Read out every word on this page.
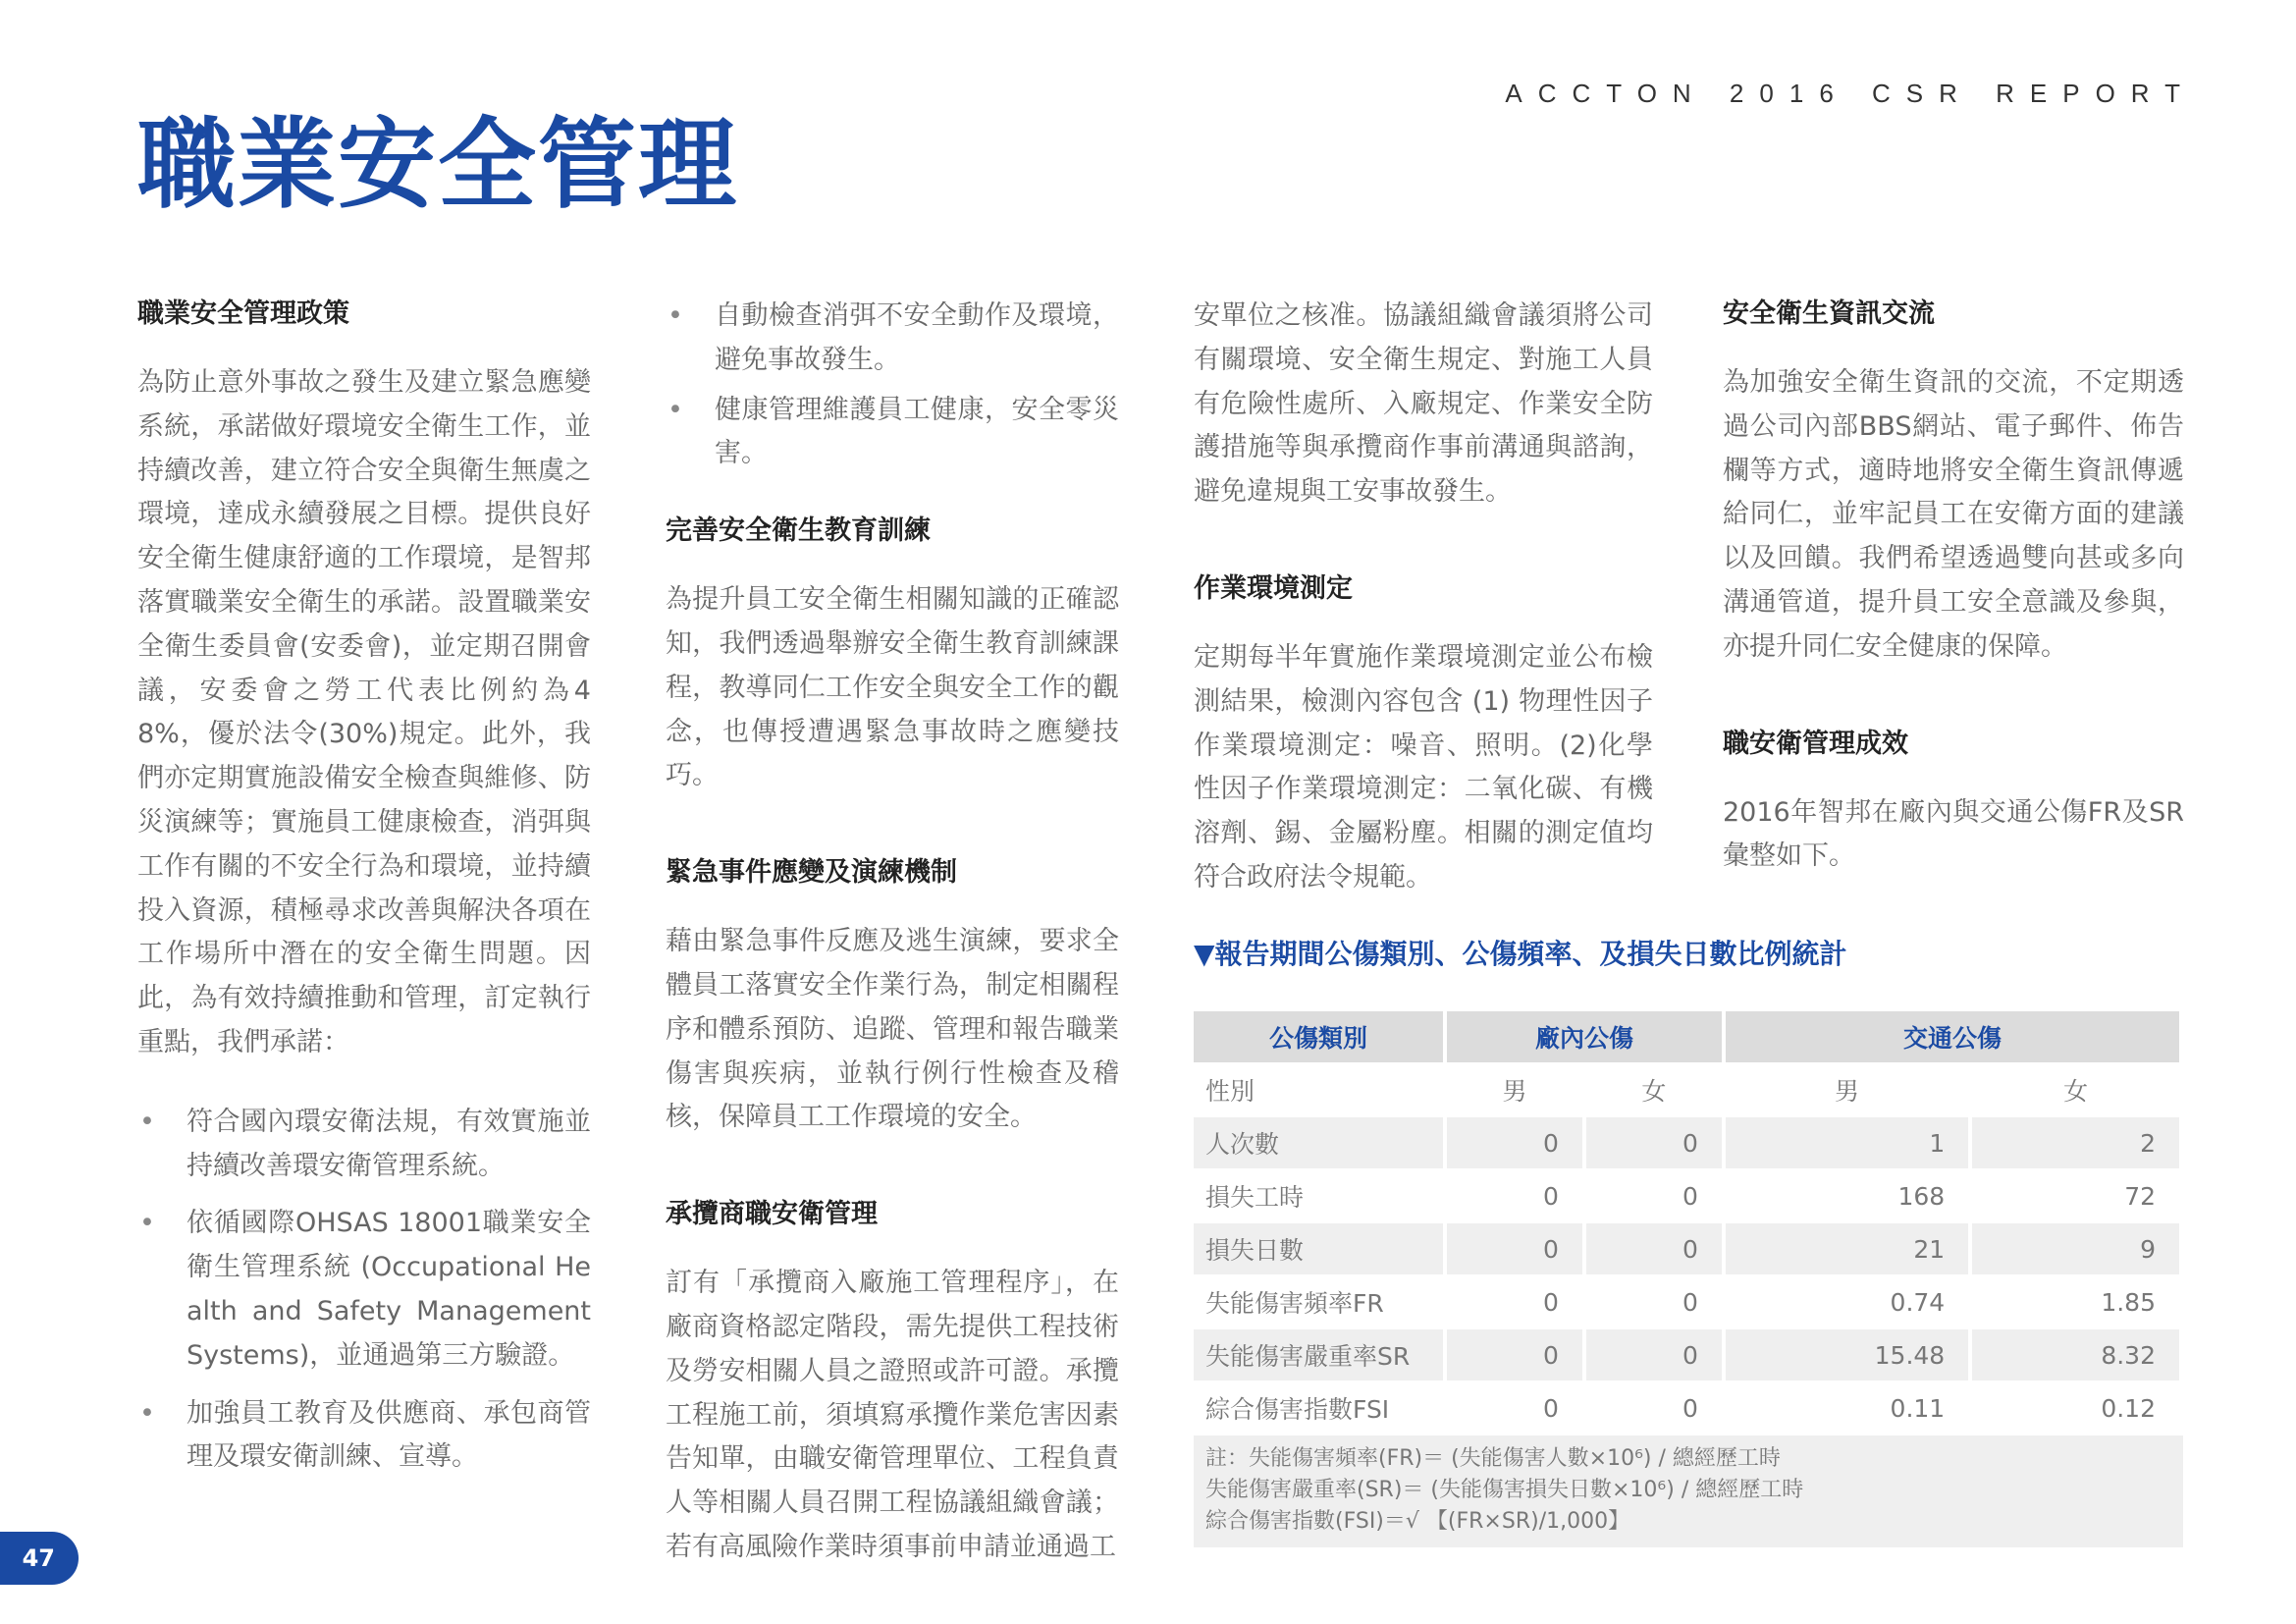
ACCTON 2016 CSR REPORT
職業安全管理
職業安全管理政策

為防止意外事故之發生及建立緊急應變系統，承諾做好環境安全衛生工作，並持續改善，建立符合安全與衛生無虞之環境，達成永續發展之目標。提供良好安全衛生健康舒適的工作環境，是智邦落實職業安全衛生的承諾。設置職業安全衛生委員會(安委會)，並定期召開會議，安委會之勞工代表比例約為48%，優於法令(30%)規定。此外，我們亦定期實施設備安全檢查與維修、防災演練等；實施員工健康檢查，消弭與工作有關的不安全行為和環境，並持續投入資源，積極尋求改善與解決各項在工作場所中潛在的安全衛生問題。因此，為有效持續推動和管理，訂定執行重點，我們承諾：

• 符合國內環安衛法規，有效實施並持續改善環安衛管理系統。
• 依循國際OHSAS 18001職業安全衛生管理系統 (Occupational Health and Safety Management Systems)，並通過第三方驗證。
• 加強員工教育及供應商、承包商管理及環安衛訓練、宣導。
• 自動檢查消弭不安全動作及環境，避免事故發生。
• 健康管理維護員工健康，安全零災害。
完善安全衛生教育訓練

為提升員工安全衛生相關知識的正確認知，我們透過舉辦安全衛生教育訓練課程，教導同仁工作安全與安全工作的觀念，也傳授遭遇緊急事故時之應變技巧。

緊急事件應變及演練機制

藉由緊急事件反應及逃生演練，要求全體員工落實安全作業行為，制定相關程序和體系預防、追蹤、管理和報告職業傷害與疾病，並執行例行性檢查及稽核，保障員工工作環境的安全。

承攬商職安衛管理

訂有「承攬商入廠施工管理程序」，在廠商資格認定階段，需先提供工程技術及勞安相關人員之證照或許可證。承攬工程施工前，須填寫承攬作業危害因素告知單，由職安衛管理單位、工程負責人等相關人員召開工程協議組織會議；若有高風險作業時須事前申請並通過工

安單位之核准。協議組織會議須將公司有關環境、安全衛生規定、對施工人員有危險性處所、入廠規定、作業安全防護措施等與承攬商作事前溝通與諮詢，避免違規與工安事故發生。

作業環境測定

定期每半年實施作業環境測定並公布檢測結果，檢測內容包含 (1) 物理性因子作業環境測定：噪音、照明。(2)化學性因子作業環境測定：二氧化碳、有機溶劑、錫、金屬粉塵。相關的測定值均符合政府法令規範。

安全衛生資訊交流

為加強安全衛生資訊的交流，不定期透過公司內部BBS網站、電子郵件、佈告欄等方式，適時地將安全衛生資訊傳遞給同仁，並牢記員工在安衛方面的建議以及回饋。我們希望透過雙向甚或多向溝通管道，提升員工安全意識及參與，亦提升同仁安全健康的保障。

職安衛管理成效

2016年智邦在廠內與交通公傷FR及SR彙整如下。

▼報告期間公傷類別、公傷頻率、及損失日數比例統計
公傷類別	廠內公傷		交通公傷	
性別	男	女	男	女
人次數	0	0	1	2
損失工時	0	0	168	72
損失日數	0	0	21	9
失能傷害頻率FR	0	0	0.74	1.85
失能傷害嚴重率SR	0	0	15.48	8.32
綜合傷害指數FSI	0	0	0.11	0.12
註：失能傷害頻率(FR)＝ (失能傷害人數×10⁶) / 總經歷工時
失能傷害嚴重率(SR)＝ (失能傷害損失日數×10⁶) / 總經歷工時
綜合傷害指數(FSI)＝√ 【(FR×SR)/1,000】
47
